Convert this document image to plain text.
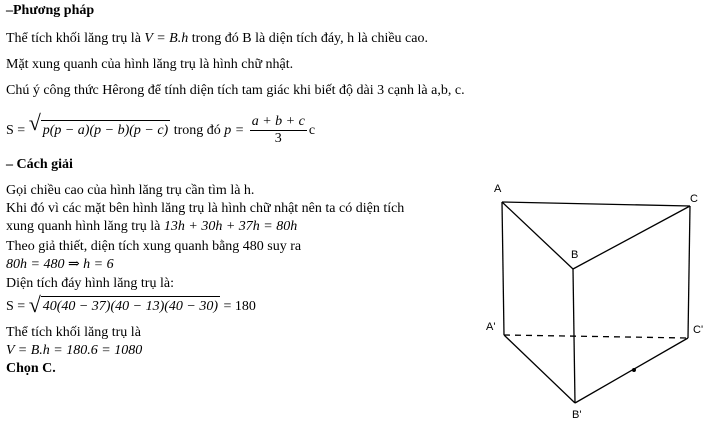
–Phương pháp
Thể tích khối lăng trụ là V = B.h trong đó B là diện tích đáy, h là chiều cao.
Mặt xung quanh của hình lăng trụ là hình chữ nhật.
Chú ý công thức Hêrong để tính diện tích tam giác khi biết độ dài 3 cạnh là a,b, c.
S = √ p(p − a)(p − b)(p − c) trong đó $p = \frac{a + b + c}{3}$ c
– Cách giải
Gọi chiều cao của hình lăng trụ cần tìm là h.
Khi đó vì các mặt bên hình lăng trụ là hình chữ nhật nên ta có diện tích
xung quanh hình lăng trụ là 13h + 30h + 37h = 80h
Theo giả thiết, diện tích xung quanh bằng 480 suy ra
80h = 480 ⇒ h = 6
Diện tích đáy hình lăng trụ là:
S = √ 40(40 − 37)(40 − 13)(40 − 30) = 180
Thể tích khối lăng trụ là
V = B.h = 180.6 = 1080
Chọn C.
A
B
C
A'
B'
C'
